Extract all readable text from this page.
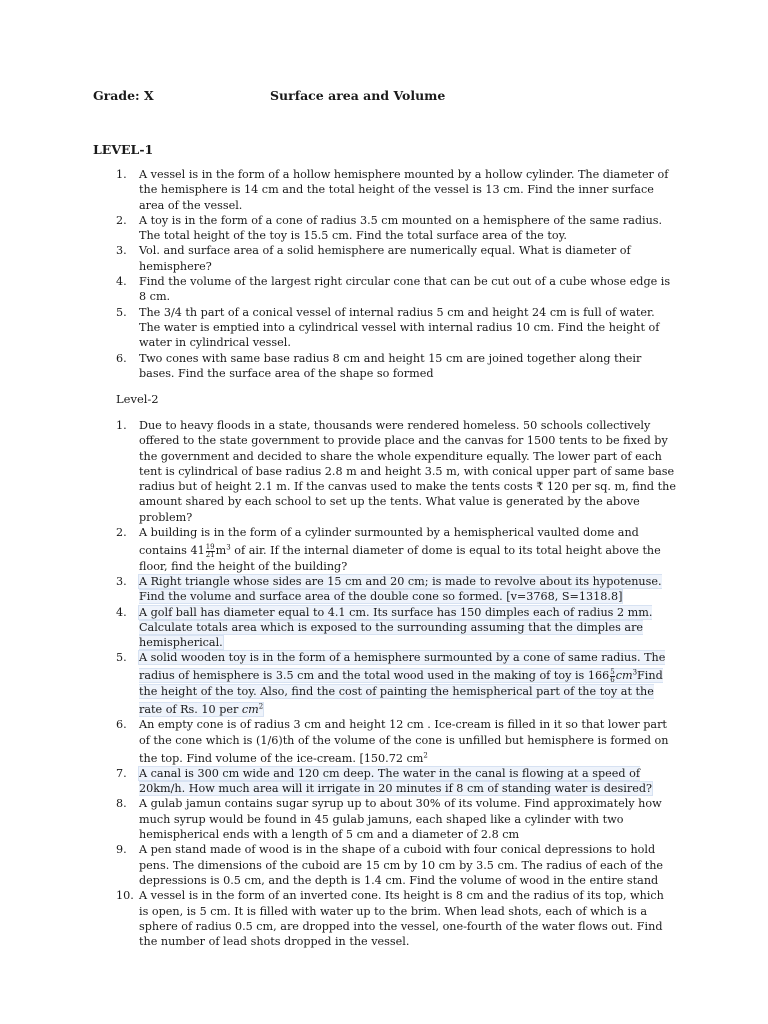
Grade: X	Surface area and Volume
LEVEL-1
1. A vessel is in the form of a hollow hemisphere mounted by a hollow cylinder. The diameter of the hemisphere is 14 cm and the total height of the vessel is 13 cm. Find the inner surface area of the vessel.
2. A toy is in the form of a cone of radius 3.5 cm mounted on a hemisphere of the same radius. The total height of the toy is 15.5 cm. Find the total surface area of the toy.
3. Vol. and surface area of a solid hemisphere are numerically equal. What is diameter of hemisphere?
4. Find the volume of the largest right circular cone that can be cut out of a cube whose edge is 8 cm.
5. The 3/4 th part of a conical vessel of internal radius 5 cm and height 24 cm is full of water. The water is emptied into a cylindrical vessel with internal radius 10 cm. Find the height of water in cylindrical vessel.
6. Two cones with same base radius 8 cm and height 15 cm are joined together along their bases. Find the surface area of the shape so formed
Level-2
1. Due to heavy floods in a state, thousands were rendered homeless. 50 schools collectively offered to the state government to provide place and the canvas for 1500 tents to be fixed by the government and decided to share the whole expenditure equally. The lower part of each tent is cylindrical of base radius 2.8 m and height 3.5 m, with conical upper part of same base radius but of height 2.1 m. If the canvas used to make the tents costs ₹ 120 per sq. m, find the amount shared by each school to set up the tents. What value is generated by the above problem?
2. A building is in the form of a cylinder surmounted by a hemispherical vaulted dome and contains $41 \frac{19}{21} m^3$ of air. If the internal diameter of dome is equal to its total height above the floor, find the height of the building?
3. A Right triangle whose sides are 15 cm and 20 cm; is made to revolve about its hypotenuse. Find the volume and surface area of the double cone so formed. [v=3768, S=1318.8]
4. A golf ball has diameter equal to 4.1 cm. Its surface has 150 dimples each of radius 2 mm. Calculate totals area which is exposed to the surrounding assuming that the dimples are hemispherical.
5. A solid wooden toy is in the form of a hemisphere surmounted by a cone of same radius. The radius of hemisphere is 3.5 cm and the total wood used in the making of toy is $166 \frac{5}{6}$ $cm^3Find$ the height of the toy. Also, find the cost of painting the hemispherical part of the toy at the rate of Rs. 10 per $cm^2$
6. An empty cone is of radius 3 cm and height 12 cm . Ice-cream is filled in it so that lower part of the cone which is (1/6)th of the volume of the cone is unfilled but hemisphere is formed on the top. Find volume of the ice-cream. [150.72 $cm^2$
7. A canal is 300 cm wide and 120 cm deep. The water in the canal is flowing at a speed of 20km/h. How much area will it irrigate in 20 minutes if 8 cm of standing water is desired?
8. A gulab jamun contains sugar syrup up to about 30% of its volume. Find approximately how much syrup would be found in 45 gulab jamuns, each shaped like a cylinder with two hemispherical ends with a length of 5 cm and a diameter of 2.8 cm
9. A pen stand made of wood is in the shape of a cuboid with four conical depressions to hold pens. The dimensions of the cuboid are 15 cm by 10 cm by 3.5 cm. The radius of each of the depressions is 0.5 cm, and the depth is 1.4 cm. Find the volume of wood in the entire stand
10. A vessel is in the form of an inverted cone. Its height is 8 cm and the radius of its top, which is open, is 5 cm. It is filled with water up to the brim. When lead shots, each of which is a sphere of radius 0.5 cm, are dropped into the vessel, one-fourth of the water flows out. Find the number of lead shots dropped in the vessel.
